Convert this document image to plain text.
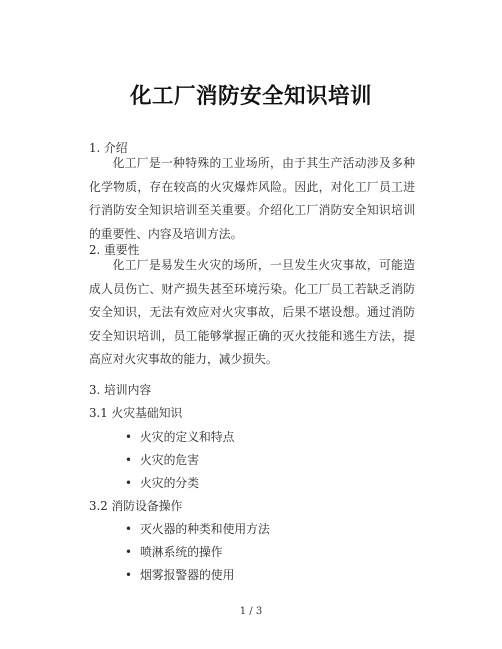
化工厂消防安全知识培训
1. 介绍
化工厂是一种特殊的工业场所，由于其生产活动涉及多种化学物质，存在较高的火灾爆炸风险。因此，对化工厂员工进行消防安全知识培训至关重要。介绍化工厂消防安全知识培训的重要性、内容及培训方法。
2. 重要性
化工厂是易发生火灾的场所，一旦发生火灾事故，可能造成人员伤亡、财产损失甚至环境污染。化工厂员工若缺乏消防安全知识，无法有效应对火灾事故，后果不堪设想。通过消防安全知识培训，员工能够掌握正确的灭火技能和逃生方法，提高应对火灾事故的能力，减少损失。
3. 培训内容
3.1 火灾基础知识
• 火灾的定义和特点
• 火灾的危害
• 火灾的分类
3.2 消防设备操作
• 灭火器的种类和使用方法
• 喷淋系统的操作
• 烟雾报警器的使用
1 / 3
